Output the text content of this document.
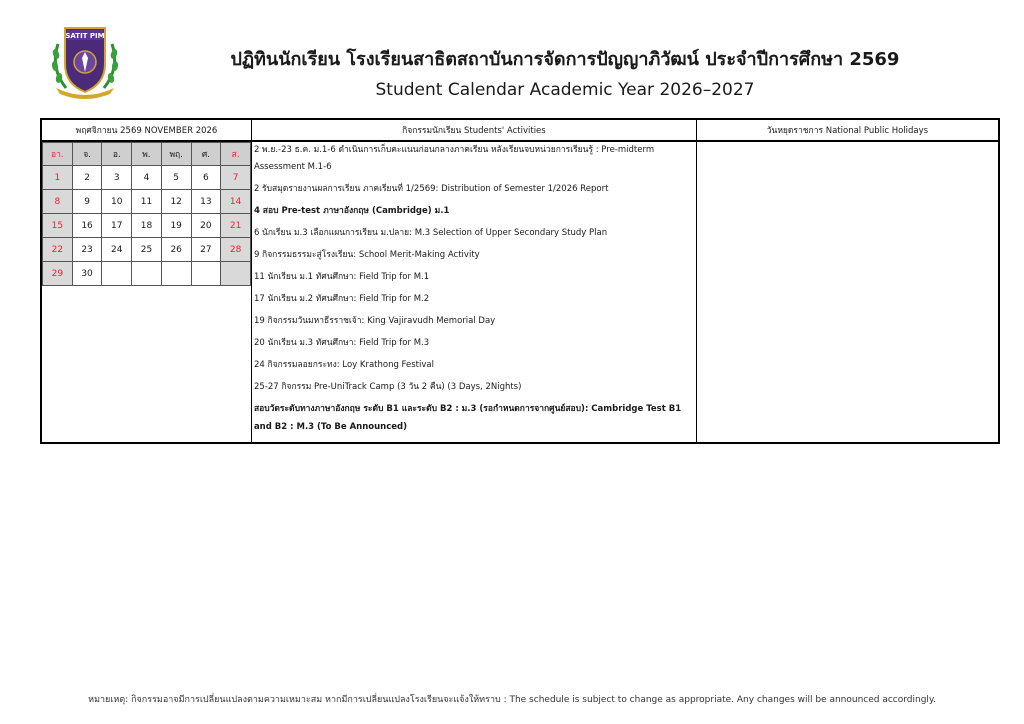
SATIT PIM
ปฏิทินนักเรียน โรงเรียนสาธิตสถาบันการจัดการปัญญาภิวัฒน์ ประจำปีการศึกษา 2569
Student Calendar Academic Year 2026–2027
พฤศจิกายน 2569 NOVEMBER 2026	กิจกรรมนักเรียน Students' Activities	วันหยุดราชการ National Public Holidays

อา.	จ.	อ.	พ.	พฤ.	ศ.	ส.
1	2	3	4	5	6	7
8	9	10	11	12	13	14
15	16	17	18	19	20	21
22	23	24	25	26	27	28
29	30					

2 พ.ย.-23 ธ.ค. ม.1-6 ดำเนินการเก็บคะแนนก่อนกลางภาคเรียน หลังเรียนจบหน่วยการเรียนรู้ : Pre-midterm Assessment M.1-6
2 รับสมุดรายงานผลการเรียน ภาคเรียนที่ 1/2569: Distribution of Semester 1/2026 Report
4 สอบ Pre-test ภาษาอังกฤษ (Cambridge) ม.1
6 นักเรียน ม.3 เลือกแผนการเรียน ม.ปลาย: M.3 Selection of Upper Secondary Study Plan
9 กิจกรรมธรรมะสู่โรงเรียน: School Merit-Making Activity
11 นักเรียน ม.1 ทัศนศึกษา: Field Trip for M.1
17 นักเรียน ม.2 ทัศนศึกษา: Field Trip for M.2
19 กิจกรรมวันมหาธีรราชเจ้า: King Vajiravudh Memorial Day
20 นักเรียน ม.3 ทัศนศึกษา: Field Trip for M.3
24 กิจกรรมลอยกระทง: Loy Krathong Festival
25-27 กิจกรรม Pre-UniTrack Camp (3 วัน 2 คืน) (3 Days, 2Nights)
สอบวัดระดับทางภาษาอังกฤษ ระดับ B1 และระดับ B2 : ม.3 (รอกำหนดการจากศูนย์สอบ): Cambridge Test B1 and B2 : M.3 (To Be Announced)

หมายเหตุ: กิจกรรมอาจมีการเปลี่ยนแปลงตามความเหมาะสม หากมีการเปลี่ยนแปลงโรงเรียนจะแจ้งให้ทราบ : The schedule is subject to change as appropriate. Any changes will be announced accordingly.
